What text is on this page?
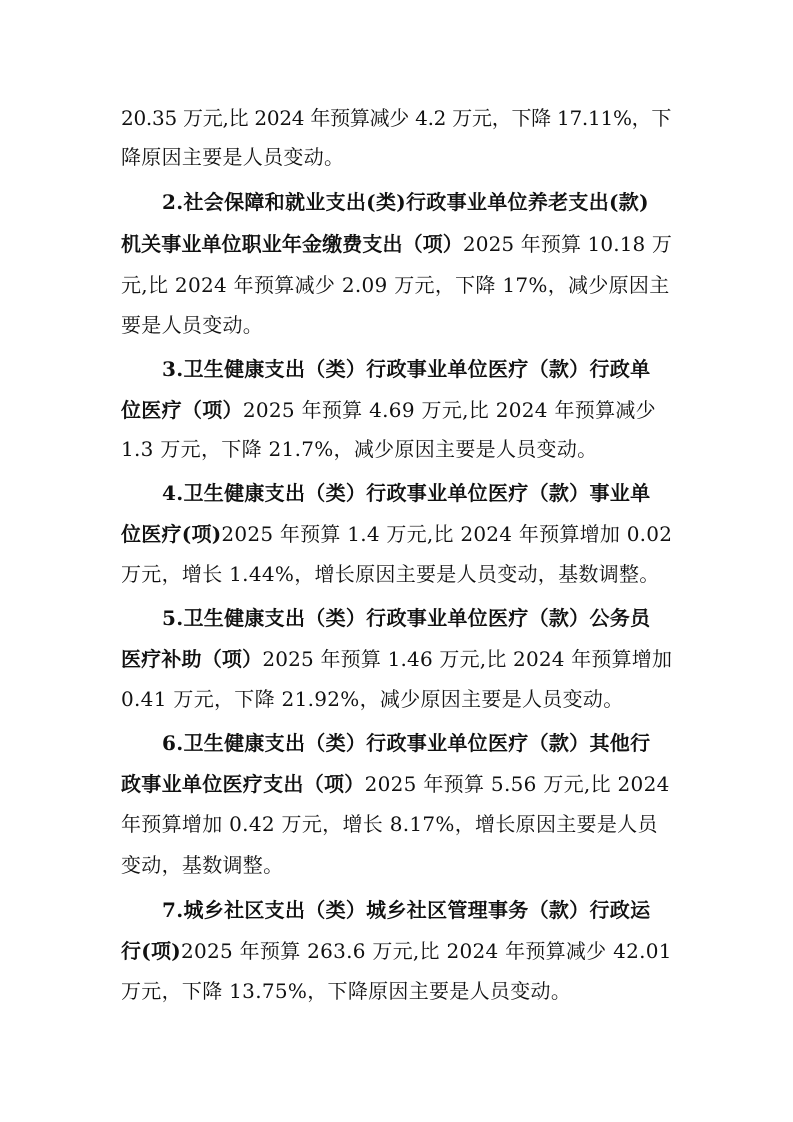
20.35 万元,比 2024 年预算减少 4.2 万元，下降 17.11%，下
降原因主要是人员变动。
2.社会保障和就业支出(类)行政事业单位养老支出(款)
机关事业单位职业年金缴费支出（项）2025 年预算 10.18 万
元,比 2024 年预算减少 2.09 万元，下降 17%，减少原因主
要是人员变动。
3.卫生健康支出（类）行政事业单位医疗（款）行政单
位医疗（项）2025 年预算 4.69 万元,比 2024 年预算减少
1.3 万元，下降 21.7%，减少原因主要是人员变动。
4.卫生健康支出（类）行政事业单位医疗（款）事业单
位医疗(项)2025 年预算 1.4 万元,比 2024 年预算增加 0.02
万元，增长 1.44%，增长原因主要是人员变动，基数调整。
5.卫生健康支出（类）行政事业单位医疗（款）公务员
医疗补助（项）2025 年预算 1.46 万元,比 2024 年预算增加
0.41 万元，下降 21.92%，减少原因主要是人员变动。
6.卫生健康支出（类）行政事业单位医疗（款）其他行
政事业单位医疗支出（项）2025 年预算 5.56 万元,比 2024
年预算增加 0.42 万元，增长 8.17%，增长原因主要是人员
变动，基数调整。
7.城乡社区支出（类）城乡社区管理事务（款）行政运
行(项)2025 年预算 263.6 万元,比 2024 年预算减少 42.01
万元，下降 13.75%，下降原因主要是人员变动。
